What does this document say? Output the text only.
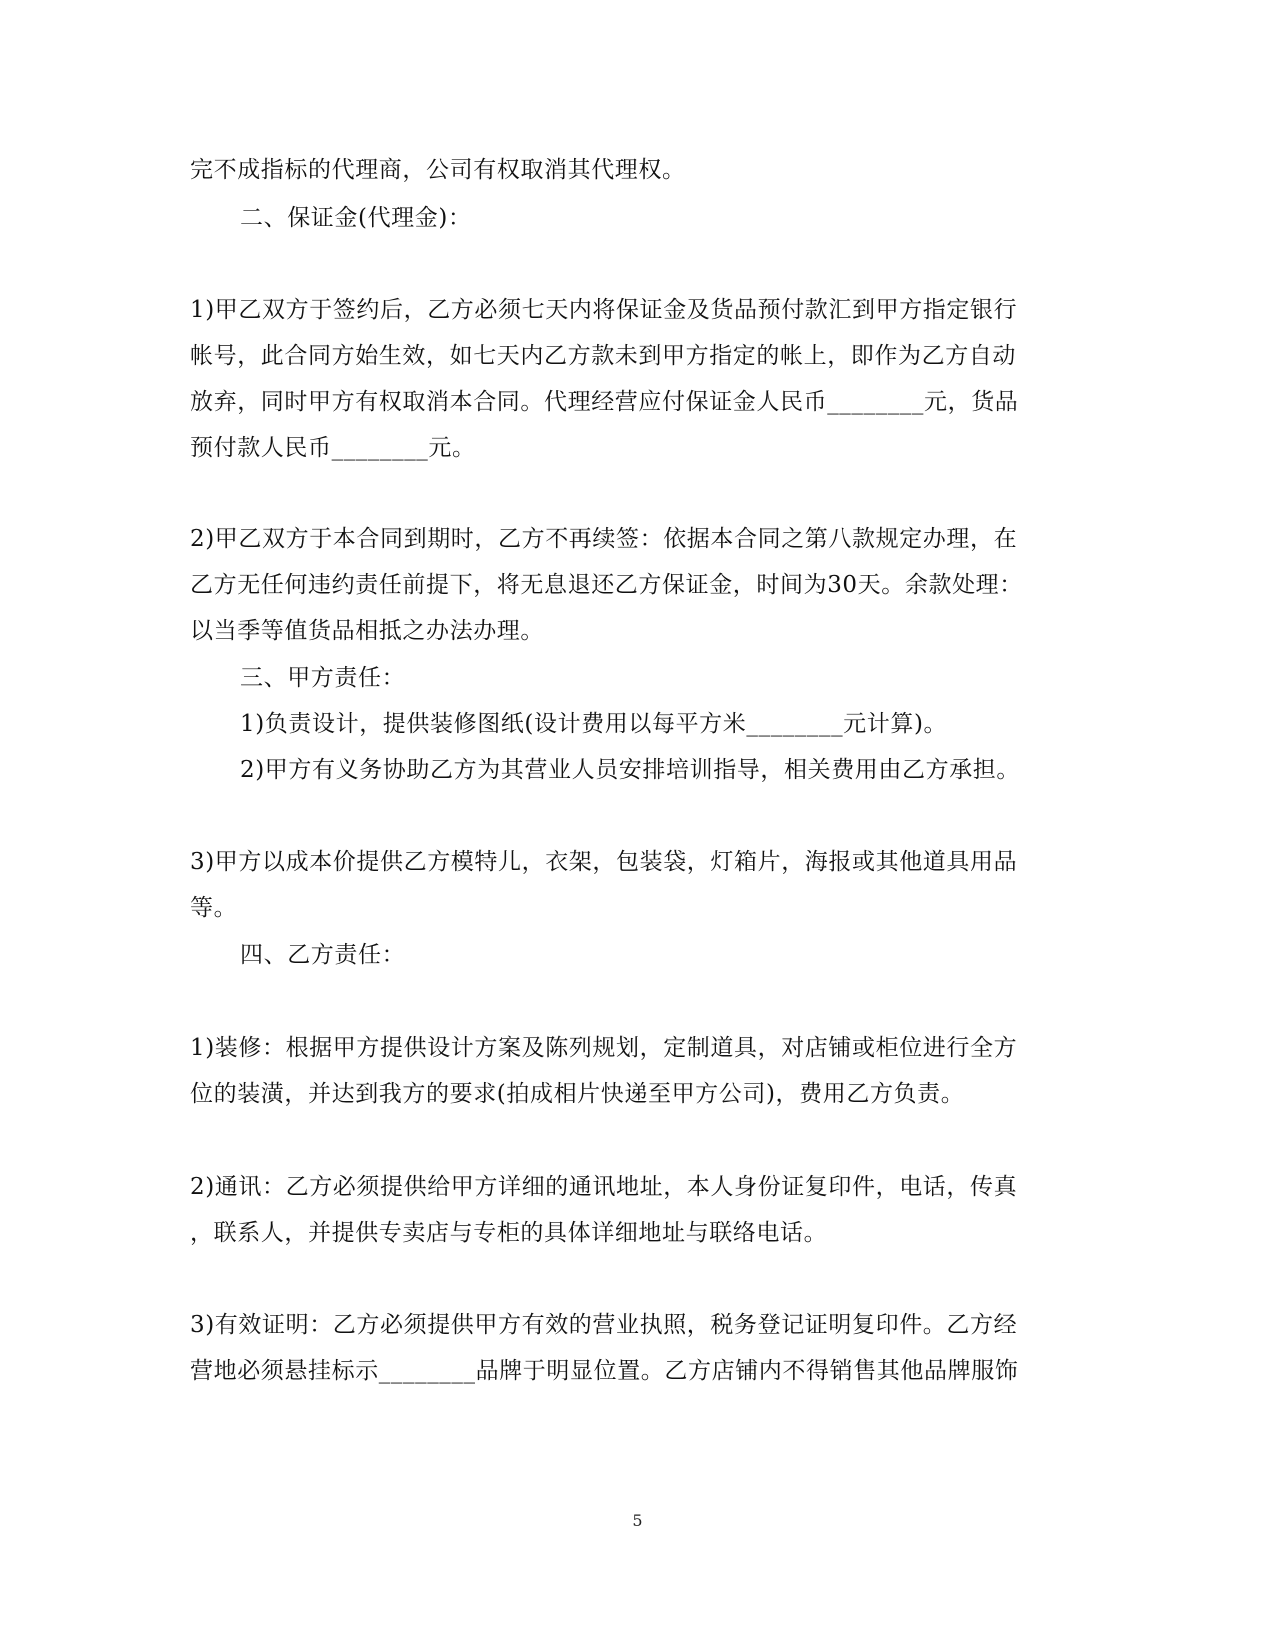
完不成指标的代理商，公司有权取消其代理权。
二、保证金(代理金)：
1)甲乙双方于签约后，乙方必须七天内将保证金及货品预付款汇到甲方指定银行
帐号，此合同方始生效，如七天内乙方款未到甲方指定的帐上，即作为乙方自动
放弃，同时甲方有权取消本合同。代理经营应付保证金人民币________元，货品
预付款人民币________元。
2)甲乙双方于本合同到期时，乙方不再续签：依据本合同之第八款规定办理，在
乙方无任何违约责任前提下，将无息退还乙方保证金，时间为30天。余款处理：
以当季等值货品相抵之办法办理。
三、甲方责任：
1)负责设计，提供装修图纸(设计费用以每平方米________元计算)。
2)甲方有义务协助乙方为其营业人员安排培训指导，相关费用由乙方承担。
3)甲方以成本价提供乙方模特儿，衣架，包装袋，灯箱片，海报或其他道具用品
等。
四、乙方责任：
1)装修：根据甲方提供设计方案及陈列规划，定制道具，对店铺或柜位进行全方
位的装潢，并达到我方的要求(拍成相片快递至甲方公司)，费用乙方负责。
2)通讯：乙方必须提供给甲方详细的通讯地址，本人身份证复印件，电话，传真
，联系人，并提供专卖店与专柜的具体详细地址与联络电话。
3)有效证明：乙方必须提供甲方有效的营业执照，税务登记证明复印件。乙方经
营地必须悬挂标示________品牌于明显位置。乙方店铺内不得销售其他品牌服饰
5
